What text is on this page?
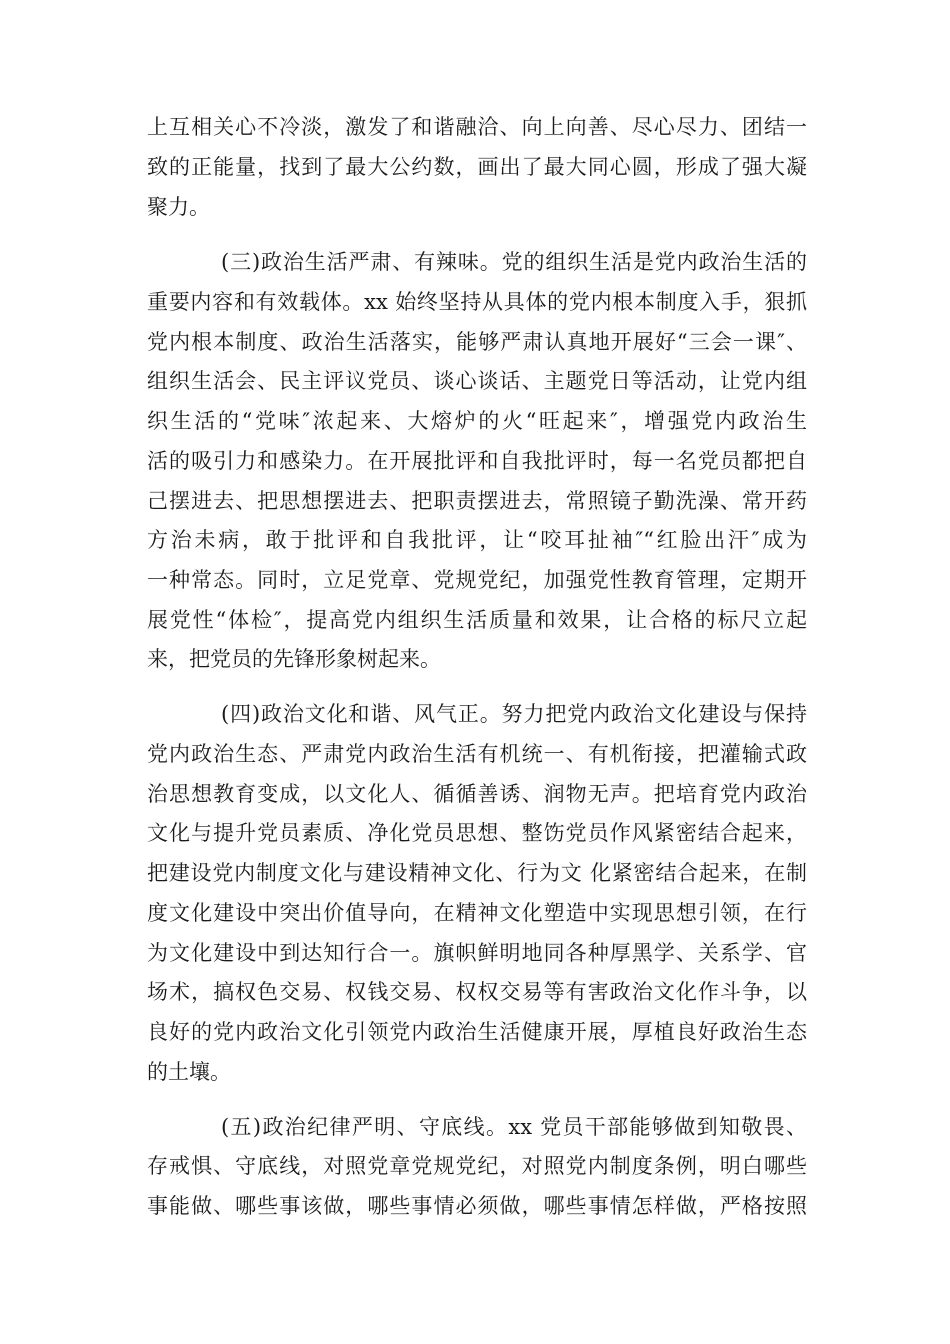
上互相关心不冷淡，激发了和谐融洽、向上向善、尽心尽力、团结一
致的正能量，找到了最大公约数，画出了最大同心圆，形成了强大凝
聚力。
(三)政治生活严肃、有辣味。党的组织生活是党内政治生活的
重要内容和有效载体。xx 始终坚持从具体的党内根本制度入手，狠抓
党内根本制度、政治生活落实，能够严肃认真地开展好“三会一课″、
组织生活会、民主评议党员、谈心谈话、主题党日等活动，让党内组
织生活的“党味″浓起来、大熔炉的火“旺起来″，增强党内政治生
活的吸引力和感染力。在开展批评和自我批评时，每一名党员都把自
己摆进去、把思想摆进去、把职责摆进去，常照镜子勤洗澡、常开药
方治未病，敢于批评和自我批评，让“咬耳扯袖″“红脸出汗″成为
一种常态。同时，立足党章、党规党纪，加强党性教育管理，定期开
展党性“体检″，提高党内组织生活质量和效果，让合格的标尺立起
来，把党员的先锋形象树起来。
(四)政治文化和谐、风气正。努力把党内政治文化建设与保持
党内政治生态、严肃党内政治生活有机统一、有机衔接，把灌输式政
治思想教育变成，以文化人、循循善诱、润物无声。把培育党内政治
文化与提升党员素质、净化党员思想、整饬党员作风紧密结合起来，
把建设党内制度文化与建设精神文化、行为文 化紧密结合起来，在制
度文化建设中突出价值导向，在精神文化塑造中实现思想引领，在行
为文化建设中到达知行合一。旗帜鲜明地同各种厚黑学、关系学、官
场术，搞权色交易、权钱交易、权权交易等有害政治文化作斗争，以
良好的党内政治文化引领党内政治生活健康开展，厚植良好政治生态
的土壤。
(五)政治纪律严明、守底线。xx 党员干部能够做到知敬畏、
存戒惧、守底线，对照党章党规党纪，对照党内制度条例，明白哪些
事能做、哪些事该做，哪些事情必须做，哪些事情怎样做，严格按照
